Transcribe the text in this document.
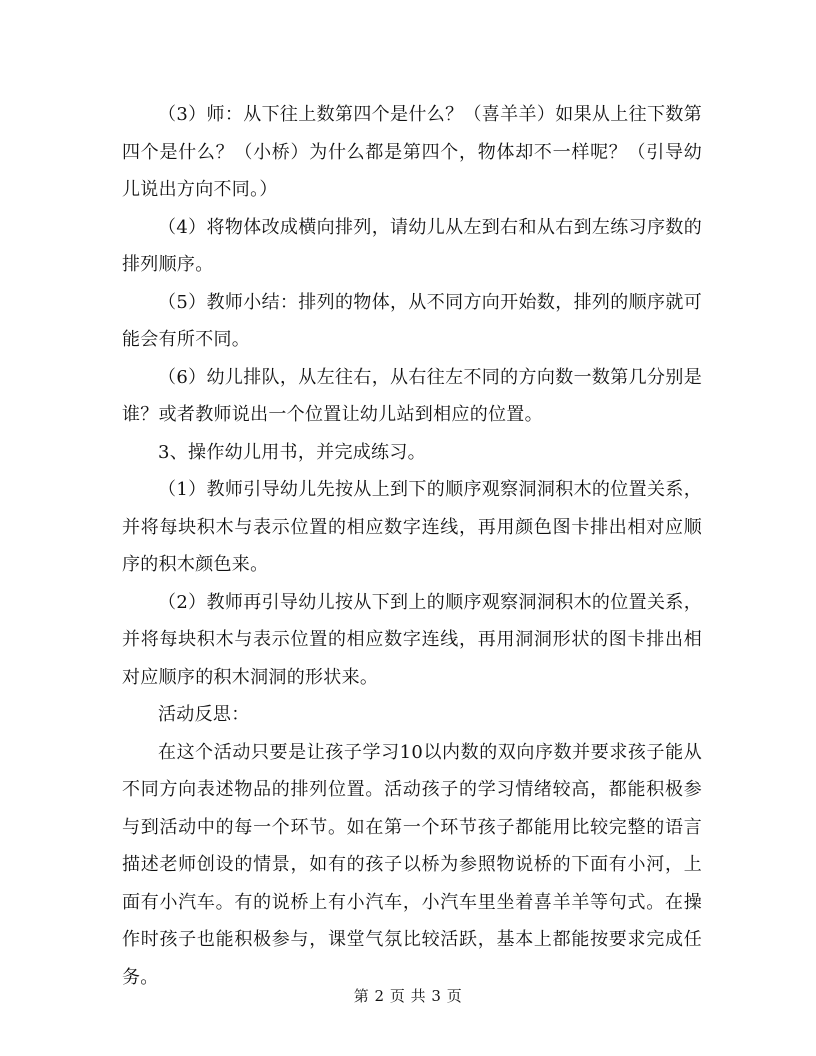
（3）师：从下往上数第四个是什么？（喜羊羊）如果从上往下数第四个是什么？（小桥）为什么都是第四个，物体却不一样呢？（引导幼儿说出方向不同。）

（4）将物体改成横向排列，请幼儿从左到右和从右到左练习序数的排列顺序。

（5）教师小结：排列的物体，从不同方向开始数，排列的顺序就可能会有所不同。

（6）幼儿排队，从左往右，从右往左不同的方向数一数第几分别是谁？或者教师说出一个位置让幼儿站到相应的位置。

3、操作幼儿用书，并完成练习。

（1）教师引导幼儿先按从上到下的顺序观察洞洞积木的位置关系，并将每块积木与表示位置的相应数字连线，再用颜色图卡排出相对应顺序的积木颜色来。

（2）教师再引导幼儿按从下到上的顺序观察洞洞积木的位置关系，并将每块积木与表示位置的相应数字连线，再用洞洞形状的图卡排出相对应顺序的积木洞洞的形状来。

活动反思：

在这个活动只要是让孩子学习10以内数的双向序数并要求孩子能从不同方向表述物品的排列位置。活动孩子的学习情绪较高，都能积极参与到活动中的每一个环节。如在第一个环节孩子都能用比较完整的语言描述老师创设的情景，如有的孩子以桥为参照物说桥的下面有小河，上面有小汽车。有的说桥上有小汽车，小汽车里坐着喜羊羊等句式。在操作时孩子也能积极参与，课堂气氛比较活跃，基本上都能按要求完成任务。

第 2 页 共 3 页
